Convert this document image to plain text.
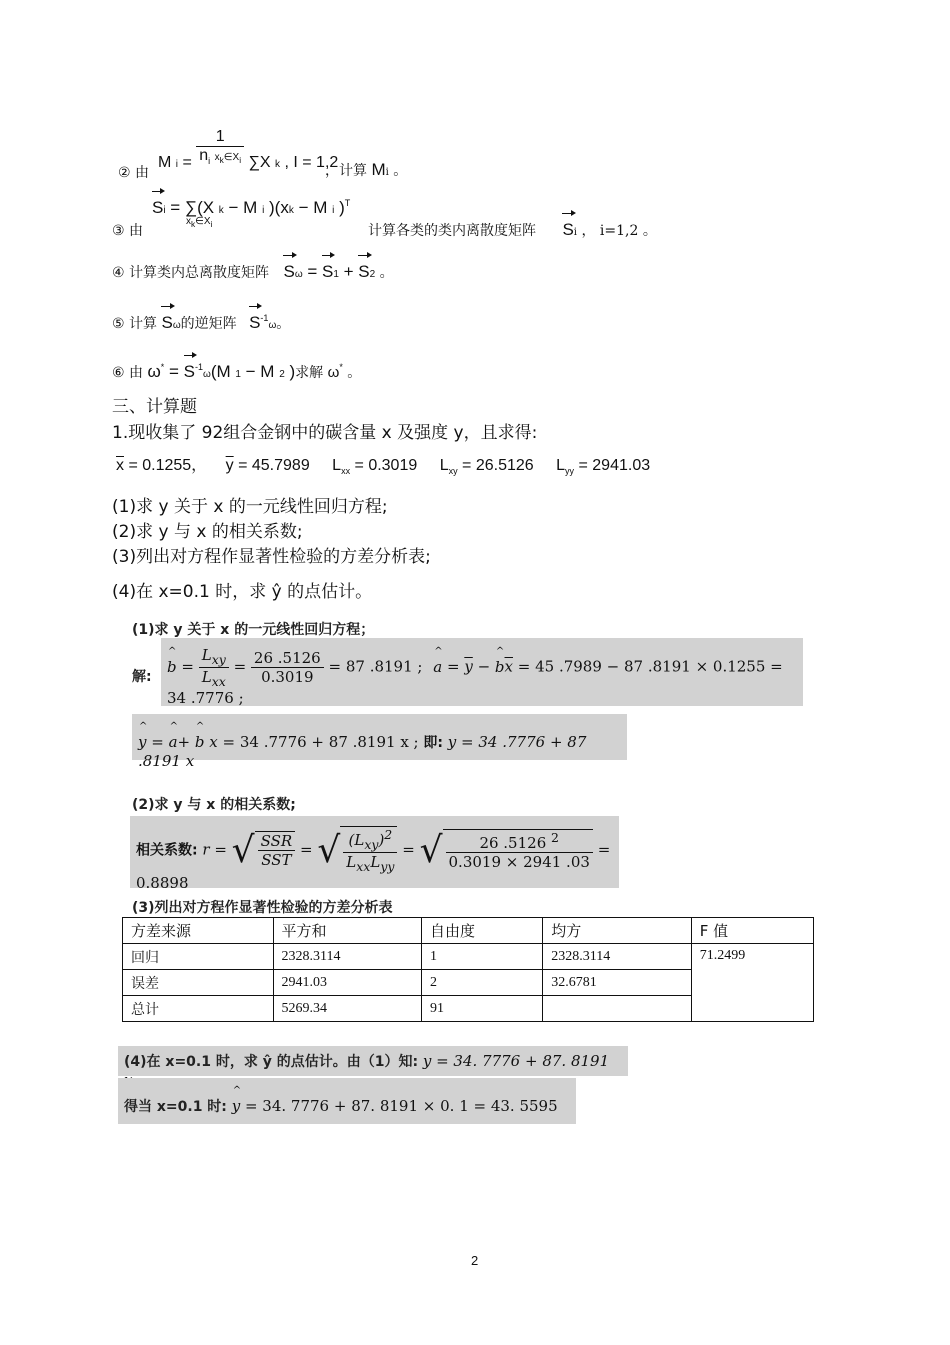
M $i = \frac{1}{n_i x_k\in X_i} \sum X$ k , I = 1,2
② 由	，计算 Mi 。
Si = ∑(X k − M i )(xk − M i )$^T$
$x_k\in X_i$
③ 由	计算各类的类内离散度矩阵 Si ， i=1,2 。
④ 计算类内总离散度矩阵 Sω = S1 + S2 。
⑤ 计算 Sω的逆矩阵 $S^{-1}\omega$。
⑥ 由 $\omega^* = S^{-1}\omega(M$ 1 − M 2 )求解 ω* 。
三、计算题
1.现收集了 92组合金钢中的碳含量 x 及强度 y，且求得:
$\overline{x} = 0.1255$， $\overline{y} = 45.7989$ $L_{xx} = 0.3019$ $L_{xy} = 26.5126$ $L_{yy} = 2941.03$
(1)求 y 关于 x 的一元线性回归方程;
(2)求 y 与 x 的相关系数;
(3)列出对方程作显著性检验的方差分析表;
(4)在 x=0.1 时，求 ŷ 的点估计。
(1)求 y 关于 x 的一元线性回归方程；
解:
^ $b = \frac{L_{xy}}{L_{xx}} = \frac{26 .5126}{0.3019} = 87$ .8191 ; ^ $a = \overline{y}$ − ^ $b\overline{x} = 45$ .7989 − 87 .8191 × 0.1255 = 34 .7776 ;
^ y = ^ a+ ^ b x = 34 .7776 + 87 .8191 x ; 即: y = 34 .7776 + 87 .8191 x
(2)求 y 与 x 的相关系数;
相关系数: r = √ $\frac{\text{SSR}}{\text{SST}}$ = √ $\frac{(L_{xy})^2}{L_{xx}L_{yy}}$ = √ $\frac{26 .5126 ^2}{0.3019 \times 2941 .03} = 0.8898$
(3)列出对方程作显著性检验的方差分析表
方差来源	平方和	自由度	均方	F 值
回归	2328.3114	1	2328.3114	71.2499
误差	2941.03	2	32.6781	
总计	5269.34	91		
(4)在 x=0.1 时，求 ŷ 的点估计。由（1）知: y = 34. 7776 + 87. 8191
得当 x=0.1 时: ^ y = 34. 7776 + 87. 8191 × 0. 1 = 43. 5595
2
